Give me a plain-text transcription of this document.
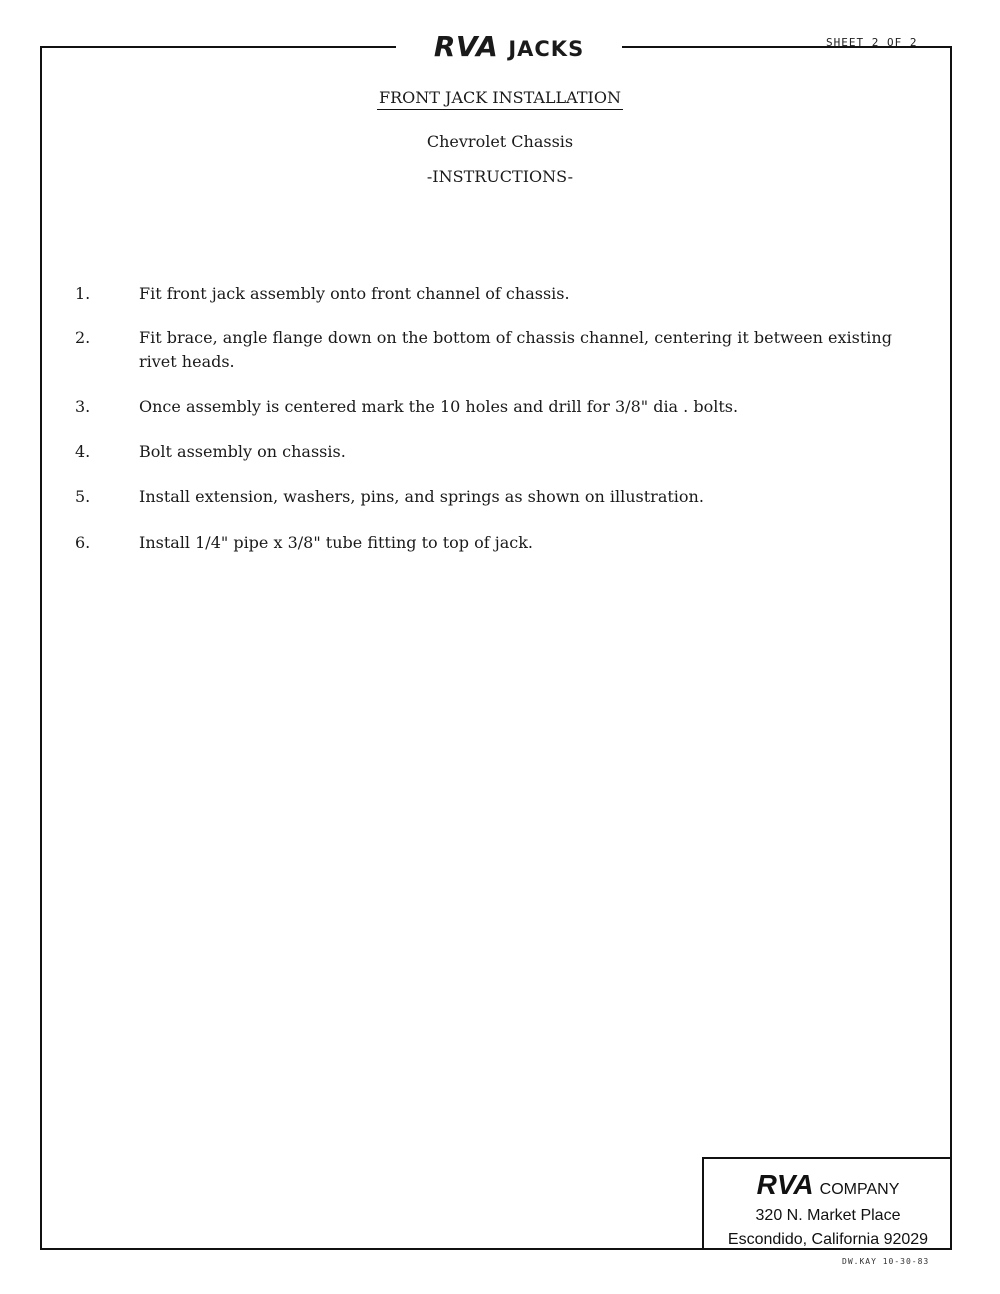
RVA JACKS	SHEET 2 OF 2
FRONT JACK INSTALLATION
Chevrolet Chassis
-INSTRUCTIONS-
1.	Fit front jack assembly onto front channel of chassis.
2.	Fit brace, angle flange down on the bottom of chassis channel, centering it between existing rivet heads.
3.	Once assembly is centered mark the 10 holes and drill for 3/8" dia . bolts.
4.	Bolt assembly on chassis.
5.	Install extension, washers, pins, and springs as shown on illustration.
6.	Install 1/4" pipe x 3/8" tube fitting to top of jack.
RVA COMPANY
320 N. Market Place
Escondido, California 92029
DW.KAY 10-30-83
